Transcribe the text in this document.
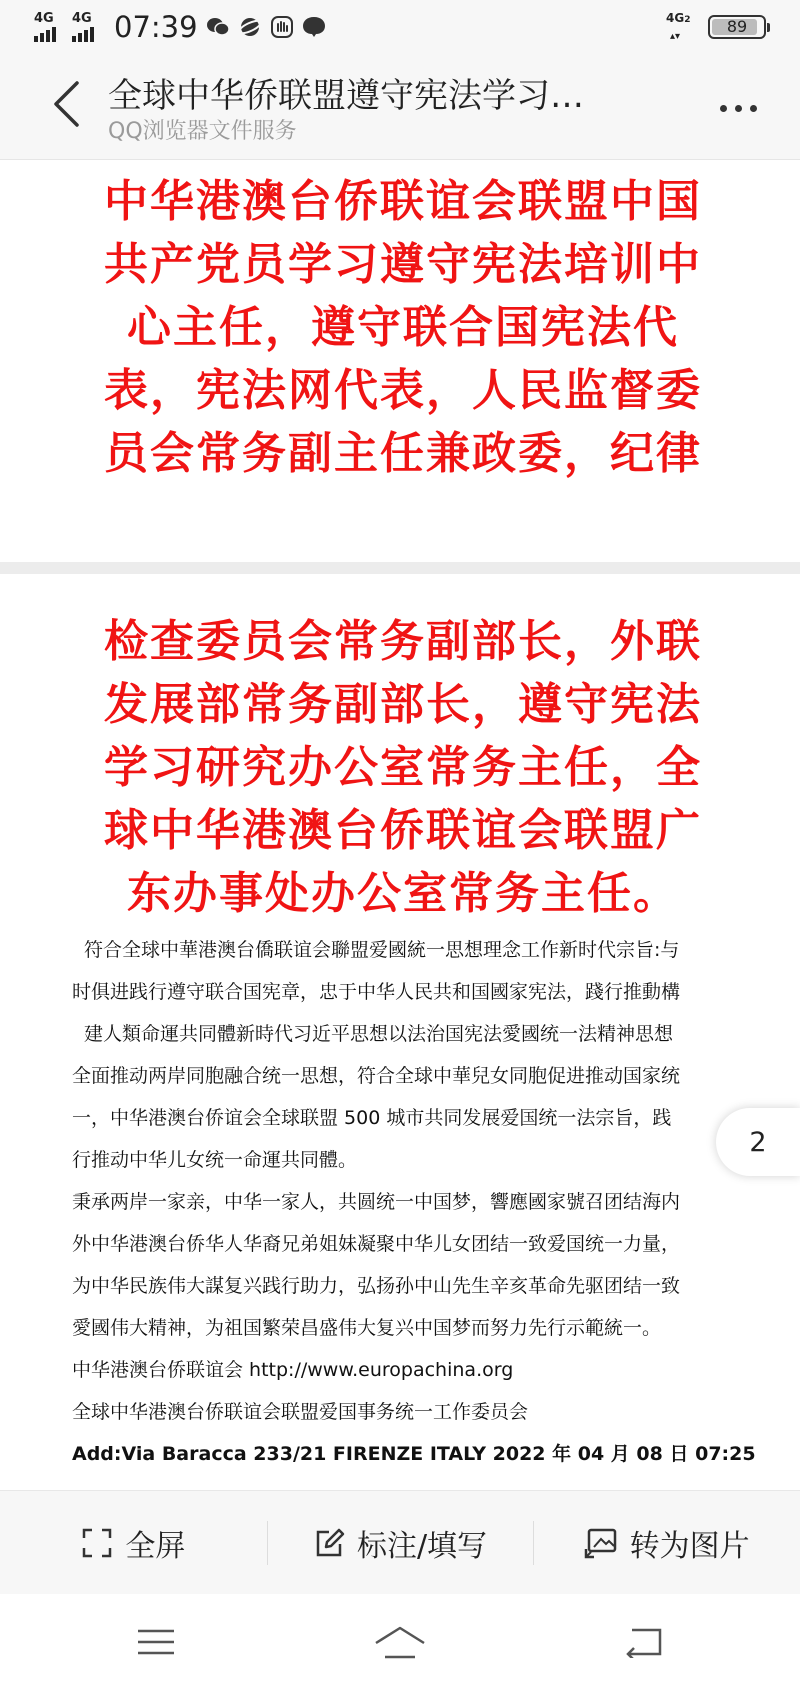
4G 4G 07:39	4G2
▴▾
89
全球中华侨联盟遵守宪法学习…
QQ浏览器文件服务
中华港澳台侨联谊会联盟中国
共产党员学习遵守宪法培训中
心主任，遵守联合国宪法代
表，宪法网代表，人民监督委
员会常务副主任兼政委，纪律
检查委员会常务副部长，外联
发展部常务副部长，遵守宪法
学习研究办公室常务主任，全
球中华港澳台侨联谊会联盟广
东办事处办公室常务主任。
符合全球中華港澳台僑联谊会聯盟爱國統一思想理念工作新时代宗旨:与
时俱进践行遵守联合国宪章，忠于中华人民共和国國家宪法，踐行推動構
建人類命運共同體新時代习近平思想以法治国宪法愛國统一法精神思想
全面推动两岸同胞融合统一思想，符合全球中華兒女同胞促进推动国家统
一，中华港澳台侨谊会全球联盟 500 城市共同发展爱国统一法宗旨，践
行推动中华儿女统一命運共同體。
秉承两岸一家亲，中华一家人，共圆统一中国梦，響應國家號召团结海内
外中华港澳台侨华人华裔兄弟姐妹凝聚中华儿女团结一致爱国统一力量，
为中华民族伟大謀复兴践行助力，弘扬孙中山先生辛亥革命先驱团结一致
愛國伟大精神，为祖国繁荣昌盛伟大复兴中国梦而努力先行示範統一。
中华港澳台侨联谊会 http://www.europachina.org
全球中华港澳台侨联谊会联盟爱国事务统一工作委员会
Add:Via Baracca 233/21 FIRENZE ITALY 2022 年 04 月 08 日 07:25
2
全屏	标注/填写	转为图片
